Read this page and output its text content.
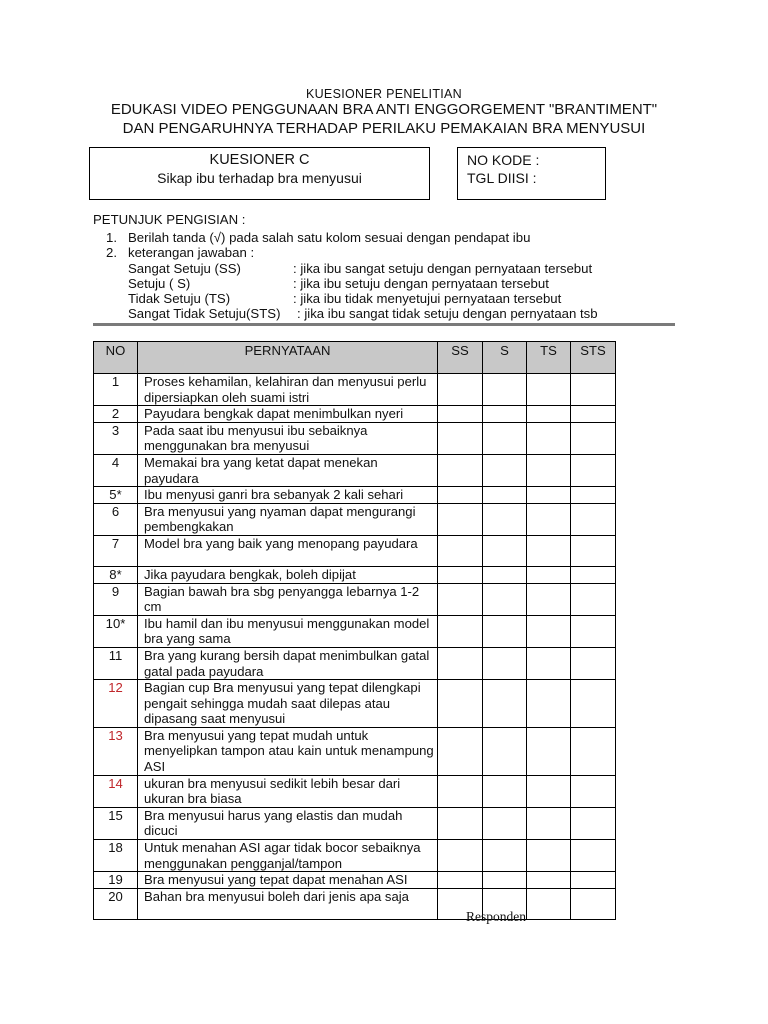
KUESIONER PENELITIAN
EDUKASI VIDEO PENGGUNAAN BRA ANTI ENGGORGEMENT "BRANTIMENT"
DAN PENGARUHNYA TERHADAP PERILAKU PEMAKAIAN BRA MENYUSUI
KUESIONER C
Sikap ibu terhadap bra menyusui
NO KODE :
TGL DIISI :
PETUNJUK PENGISIAN :
1. Berilah tanda (√) pada salah satu kolom sesuai dengan pendapat ibu
2. keterangan jawaban :
Sangat Setuju (SS)	: jika ibu sangat setuju dengan pernyataan tersebut
Setuju ( S)	: jika ibu setuju dengan pernyataan tersebut
Tidak Setuju (TS)	: jika ibu tidak menyetujui pernyataan tersebut
Sangat Tidak Setuju(STS) : jika ibu sangat tidak setuju dengan pernyataan tsb
NO	PERNYATAAN	SS	S	TS	STS
1	Proses kehamilan, kelahiran dan menyusui perlu dipersiapkan oleh suami istri				
2	Payudara bengkak dapat menimbulkan nyeri				
3	Pada saat ibu menyusui ibu sebaiknya menggunakan bra menyusui				
4	Memakai bra yang ketat dapat menekan payudara				
5*	Ibu menyusi ganri bra sebanyak 2 kali sehari				
6	Bra menyusui yang nyaman dapat mengurangi pembengkakan				
7	Model bra yang baik yang menopang payudara				
8*	Jika payudara bengkak, boleh dipijat				
9	Bagian bawah bra sbg penyangga lebarnya 1-2 cm				
10*	Ibu hamil dan ibu menyusui menggunakan model bra yang sama				
11	Bra yang kurang bersih dapat menimbulkan gatal gatal pada payudara				
12	Bagian cup Bra menyusui yang tepat dilengkapi pengait sehingga mudah saat dilepas atau dipasang saat menyusui				
13	Bra menyusui yang tepat mudah untuk menyelipkan tampon atau kain untuk menampung ASI				
14	ukuran bra menyusui sedikit lebih besar dari ukuran bra biasa				
15	Bra menyusui harus yang elastis dan mudah dicuci				
18	Untuk menahan ASI agar tidak bocor sebaiknya menggunakan pengganjal/tampon				
19	Bra menyusui yang tepat dapat menahan ASI				
20	Bahan bra menyusui boleh dari jenis apa saja				
Responden
